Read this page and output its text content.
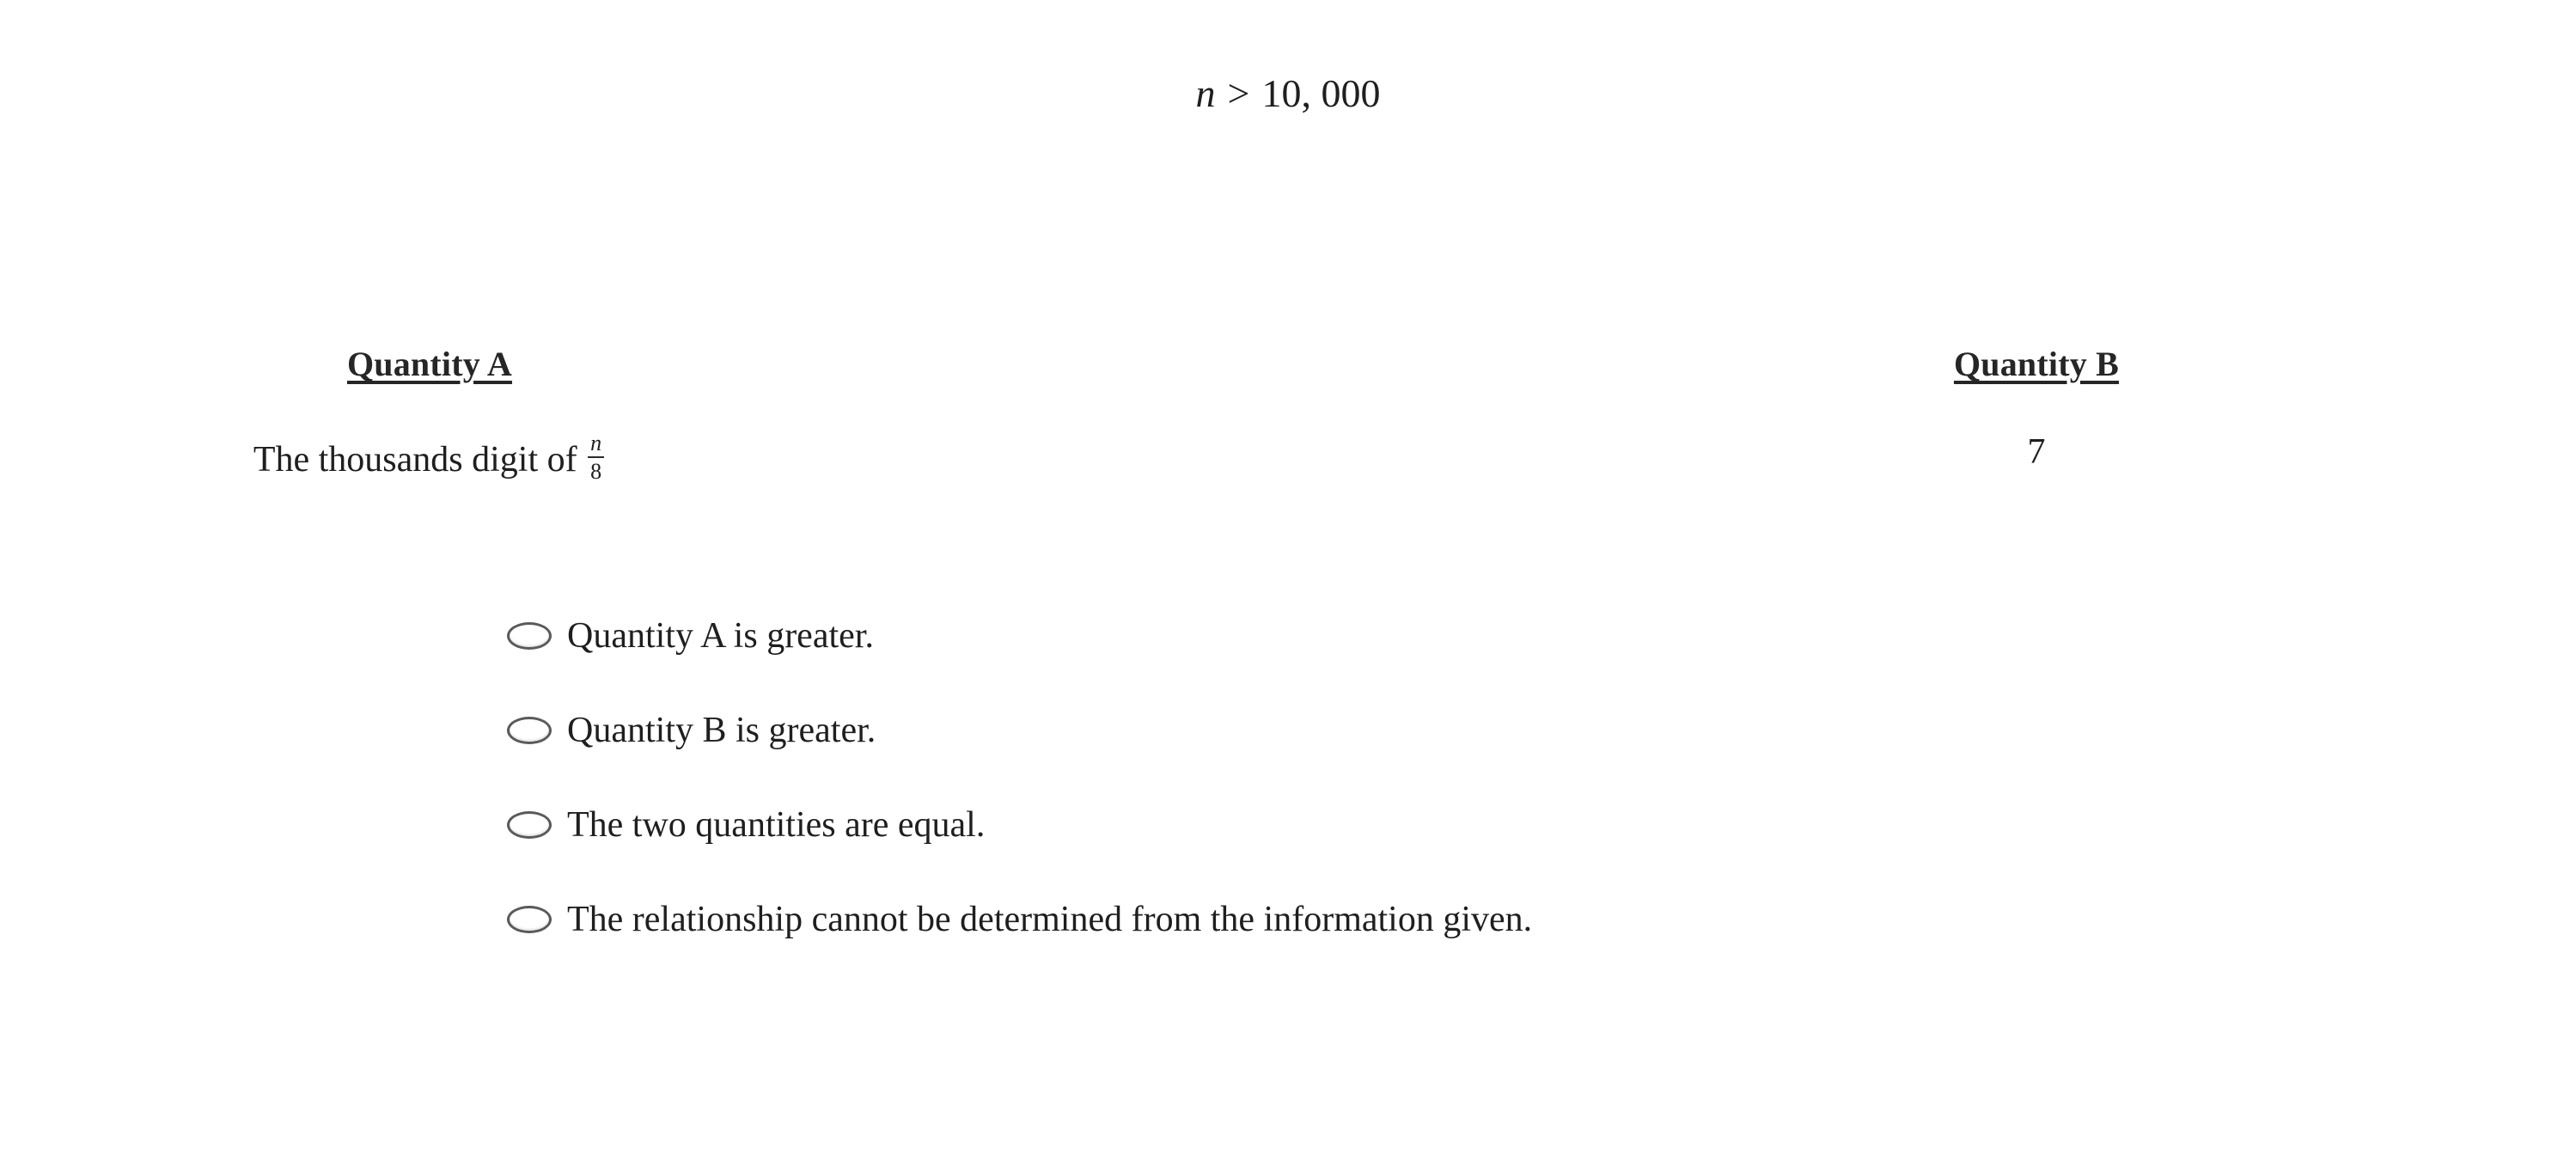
n > 10, 000
Quantity A
The thousands digit of $\frac{n}{8}$
Quantity B
7
Quantity A is greater.
Quantity B is greater.
The two quantities are equal.
The relationship cannot be determined from the information given.
